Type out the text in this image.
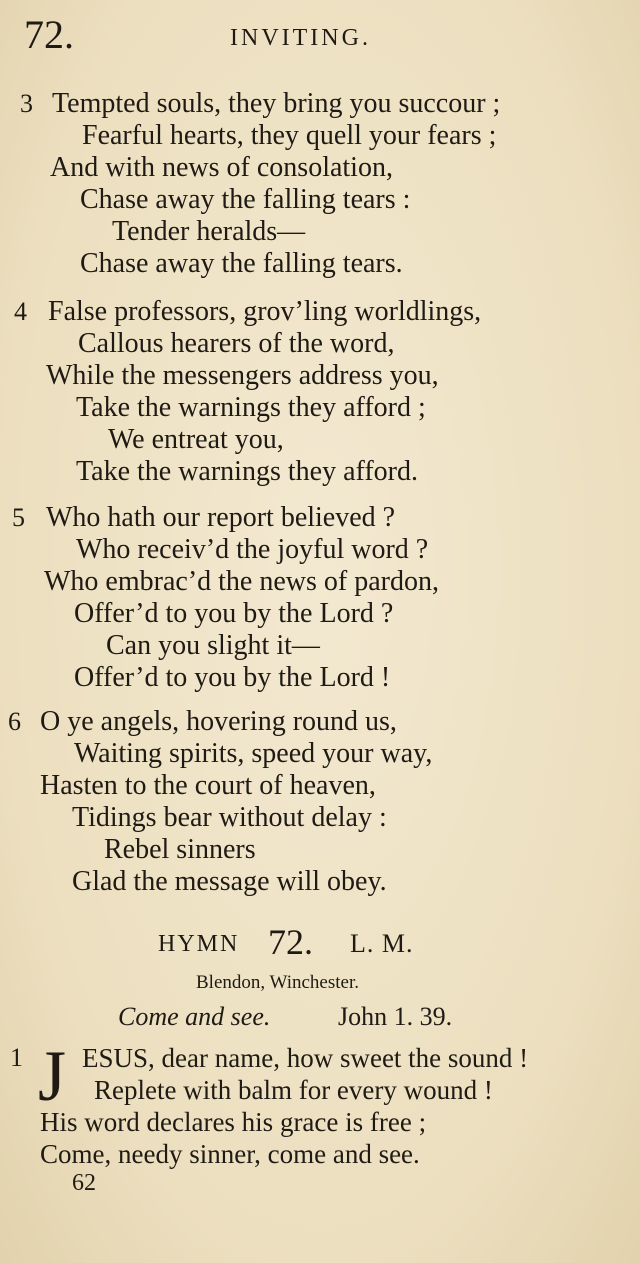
72.	INVITING.
3 Tempted souls, they bring you succour ;
Fearful hearts, they quell your fears ;
And with news of consolation,
Chase away the falling tears :
Tender heralds—
Chase away the falling tears.
4 False professors, grov’ling worldlings,
Callous hearers of the word,
While the messengers address you,
Take the warnings they afford ;
We entreat you,
Take the warnings they afford.
5 Who hath our report believed ?
Who receiv’d the joyful word ?
Who embrac’d the news of pardon,
Offer’d to you by the Lord ?
Can you slight it—
Offer’d to you by the Lord !
6 O ye angels, hovering round us,
Waiting spirits, speed your way,
Hasten to the court of heaven,
Tidings bear without delay :
Rebel sinners
Glad the message will obey.
HYMN 72. L. M.
Blendon, Winchester.
Come and see.	John 1. 39.
1 ESUS, dear name, how sweet the sound !
Replete with balm for every wound !
His word declares his grace is free ;
Come, needy sinner, come and see.
J
62
